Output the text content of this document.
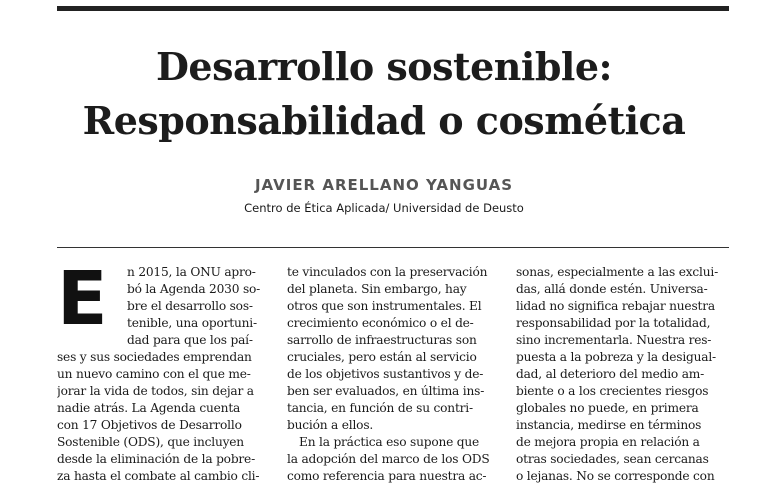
Desarrollo sostenible:
Responsabilidad o cosmética
JAVIER ARELLANO YANGUAS
Centro de Ética Aplicada/ Universidad de Deusto
E	n 2015, la ONU apro-
bó la Agenda 2030 so-
bre el desarrollo sos-
tenible, una oportuni-
dad para que los paí-
ses y sus sociedades emprendan
un nuevo camino con el que me-
jorar la vida de todos, sin dejar a
nadie atrás. La Agenda cuenta
con 17 Objetivos de Desarrollo
Sostenible (ODS), que incluyen
desde la eliminación de la pobre-
za hasta el combate al cambio cli-
te vinculados con la preservación
del planeta. Sin embargo, hay
otros que son instrumentales. El
crecimiento económico o el de-
sarrollo de infraestructuras son
cruciales, pero están al servicio
de los objetivos sustantivos y de-
ben ser evaluados, en última ins-
tancia, en función de su contri-
bución a ellos.
En la práctica eso supone que
la adopción del marco de los ODS
como referencia para nuestra ac-
sonas, especialmente a las exclui-
das, allá donde estén. Universa-
lidad no significa rebajar nuestra
responsabilidad por la totalidad,
sino incrementarla. Nuestra res-
puesta a la pobreza y la desigual-
dad, al deterioro del medio am-
biente o a los crecientes riesgos
globales no puede, en primera
instancia, medirse en términos
de mejora propia en relación a
otras sociedades, sean cercanas
o lejanas. No se corresponde con
